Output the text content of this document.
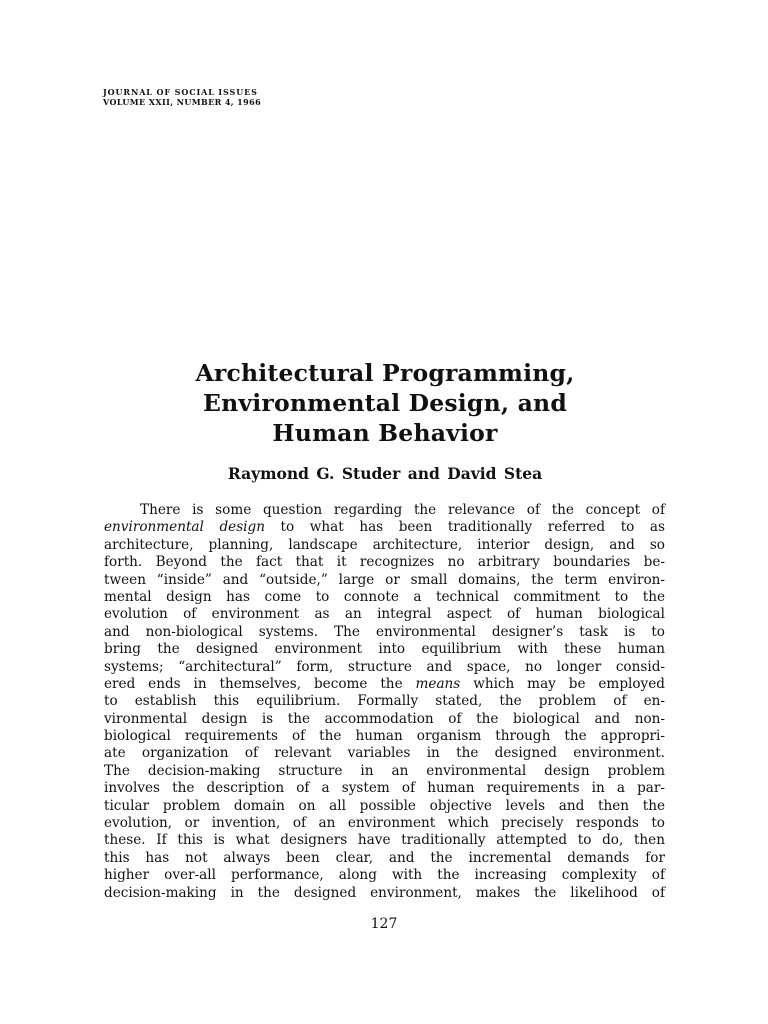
JOURNAL OF SOCIAL ISSUES
VOLUME XXII, NUMBER 4, 1966
Architectural Programming,
Environmental Design, and
Human Behavior
Raymond G. Studer and David Stea
There is some question regarding the relevance of the concept of
environmental design to what has been traditionally referred to as
architecture, planning, landscape architecture, interior design, and so
forth. Beyond the fact that it recognizes no arbitrary boundaries be-
tween “inside” and “outside,” large or small domains, the term environ-
mental design has come to connote a technical commitment to the
evolution of environment as an integral aspect of human biological
and non-biological systems. The environmental designer’s task is to
bring the designed environment into equilibrium with these human
systems; “architectural” form, structure and space, no longer consid-
ered ends in themselves, become the means which may be employed
to establish this equilibrium. Formally stated, the problem of en-
vironmental design is the accommodation of the biological and non-
biological requirements of the human organism through the appropri-
ate organization of relevant variables in the designed environment.
The decision-making structure in an environmental design problem
involves the description of a system of human requirements in a par-
ticular problem domain on all possible objective levels and then the
evolution, or invention, of an environment which precisely responds to
these. If this is what designers have traditionally attempted to do, then
this has not always been clear, and the incremental demands for
higher over-all performance, along with the increasing complexity of
decision-making in the designed environment, makes the likelihood of
127
